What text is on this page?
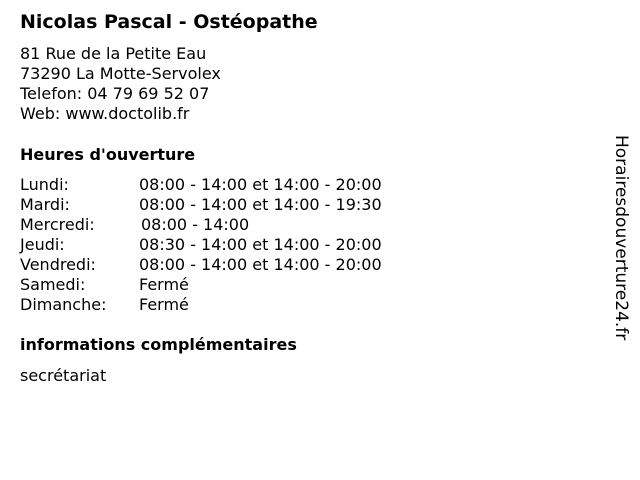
Nicolas Pascal - Ostéopathe
81 Rue de la Petite Eau
73290 La Motte-Servolex
Telefon: 04 79 69 52 07
Web: www.doctolib.fr
Heures d'ouverture
Lundi:	08:00 - 14:00 et 14:00 - 20:00
Mardi:	08:00 - 14:00 et 14:00 - 19:30
Mercredi:	08:00 - 14:00
Jeudi:	08:30 - 14:00 et 14:00 - 20:00
Vendredi:	08:00 - 14:00 et 14:00 - 20:00
Samedi:	Fermé
Dimanche: Fermé
informations complémentaires
secrétariat
Horairesdouverture24.fr
